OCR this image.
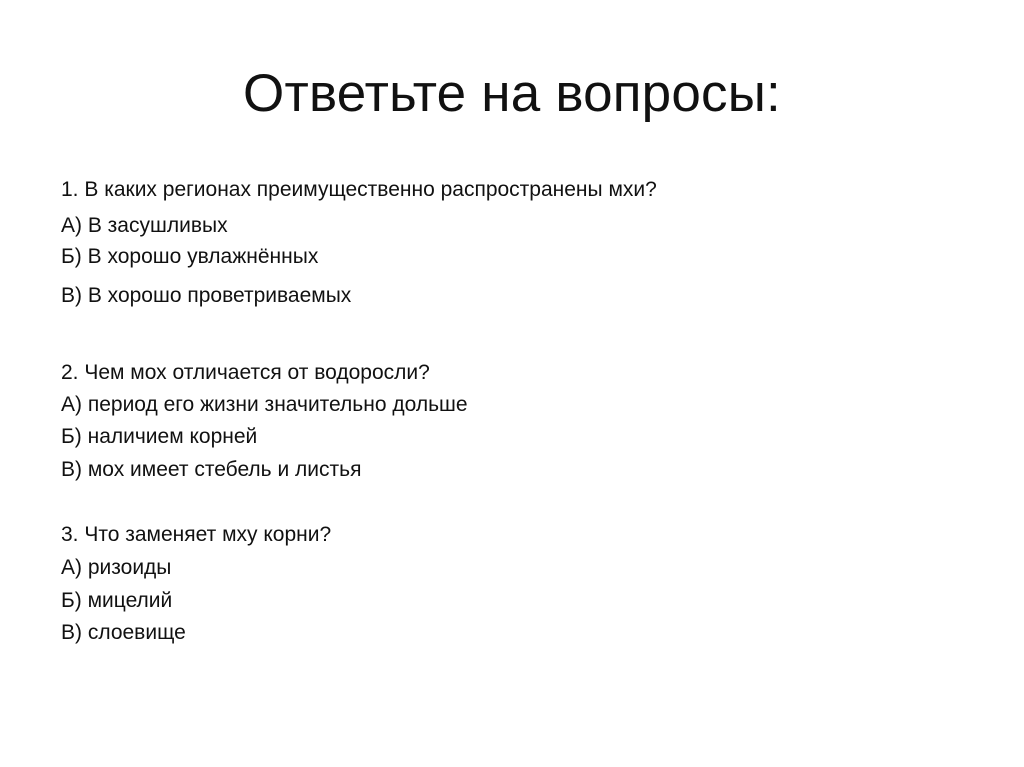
Ответьте на вопросы:
1. В каких регионах преимущественно распространены мхи?
А) В засушливых
Б) В хорошо увлажнённых
В) В хорошо проветриваемых
2. Чем мох отличается от водоросли?
А) период его жизни значительно дольше
Б) наличием корней
В) мох имеет стебель и листья
3. Что заменяет мху корни?
А) ризоиды
Б) мицелий
В) слоевище
